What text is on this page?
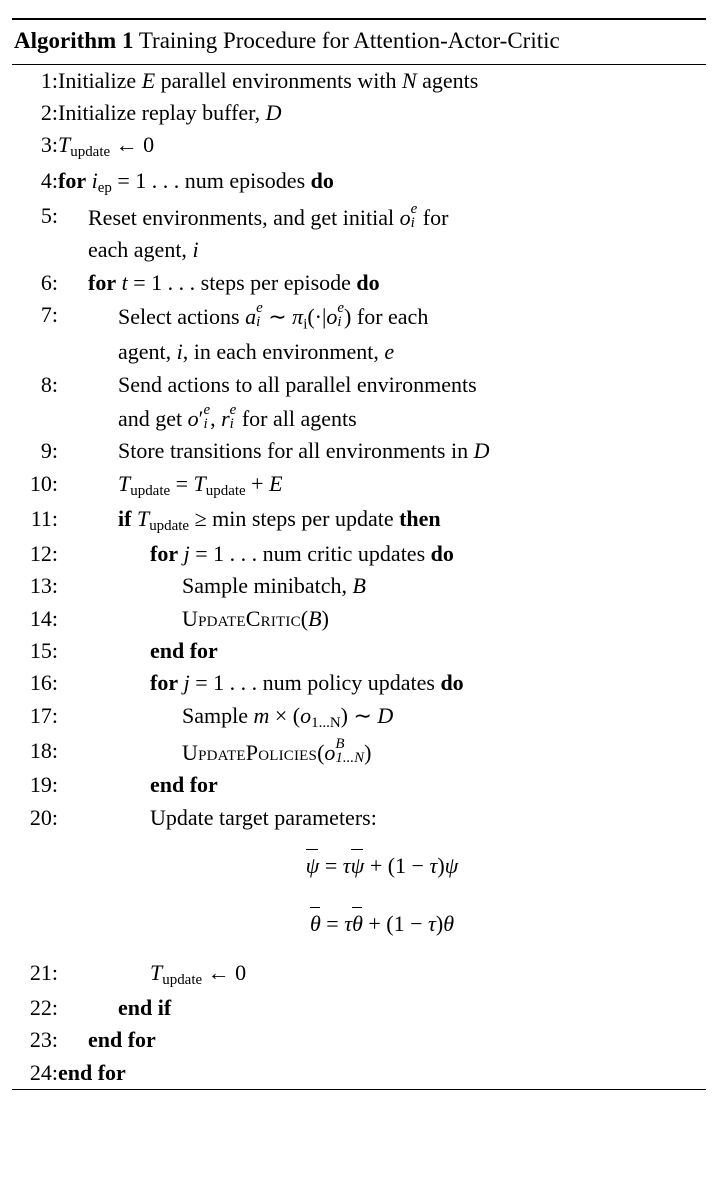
Algorithm 1 Training Procedure for Attention-Actor-Critic
1:	Initialize E parallel environments with N agents

2:	Initialize replay buffer, D

3:	$T_{update}$ ← 0

4:	for $i_{ep} = 1$ . . . num episodes do

5:	Reset environments, and get initial o e
i for
each agent, i

6:	for t = 1 . . . steps per episode do

7:	Select actions a e
i ∼ $\pi_i(\cdot|o$ e
i ) for each
agent, i, in each environment, e

8:	Send actions to all parallel environments
and get o′ e
i , r e
i for all agents

9:	Store transitions for all environments in D

10:	$T_{update} = T_{update} + E$

11:	if $T_{update} \ge \min$ steps per update then

12:	for j = 1 . . . num critic updates do

13:	Sample minibatch, B

14:	UpdateCritic(B)

15:	end for

16:	for j = 1 . . . num policy updates do

17:	Sample $m \times (o_{1...N})$ ∼ D

18:	UpdatePolicies(o B
1...N )

19:	end for

20:	Update target parameters:

	ψ = τψ + (1 − τ)ψ

	θ = τθ + (1 − τ)θ

21:	$T_{update}$ ← 0

22:	end if

23:	end for

24:	end for
